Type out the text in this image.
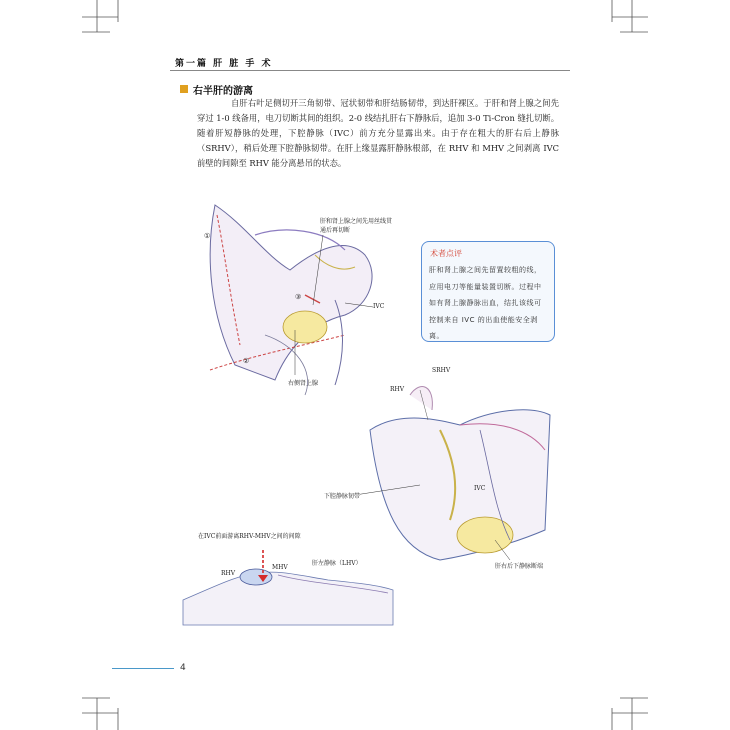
第一篇 肝 脏 手 术
右半肝的游离
自肝右叶足侧切开三角韧带、冠状韧带和肝结肠韧带，到达肝裸区。于肝和肾上腺之间先穿过 1-0 线备用，电刀切断其间的组织。2-0 线结扎肝右下静脉后，追加 3-0 Ti-Cron 缝扎切断。随着肝短静脉的处理，下腔静脉（IVC）前方充分显露出来。由于存在粗大的肝右后上静脉（SRHV），稍后处理下腔静脉韧带。在肝上缘显露肝静脉根部，在 RHV 和 MHV 之间剥离 IVC 前壁的间隙至 RHV 能分离悬吊的状态。
肝和肾上腺之间先用丝线贯
通后再切断
①
②
③
IVC
右侧肾上腺
术者点评
肝和肾上腺之间先留置较粗的线，应用电刀等能量装置切断。过程中如有肾上腺静脉出血，结扎该线可控制来自 IVC 的出血使能安全剥离。
SRHV
RHV
IVC
下腔静脉韧带
肝右后下静脉断端
在IVC前面游离RHV-MHV之间的间隙
RHV
MHV
肝左静脉（LHV）
4
